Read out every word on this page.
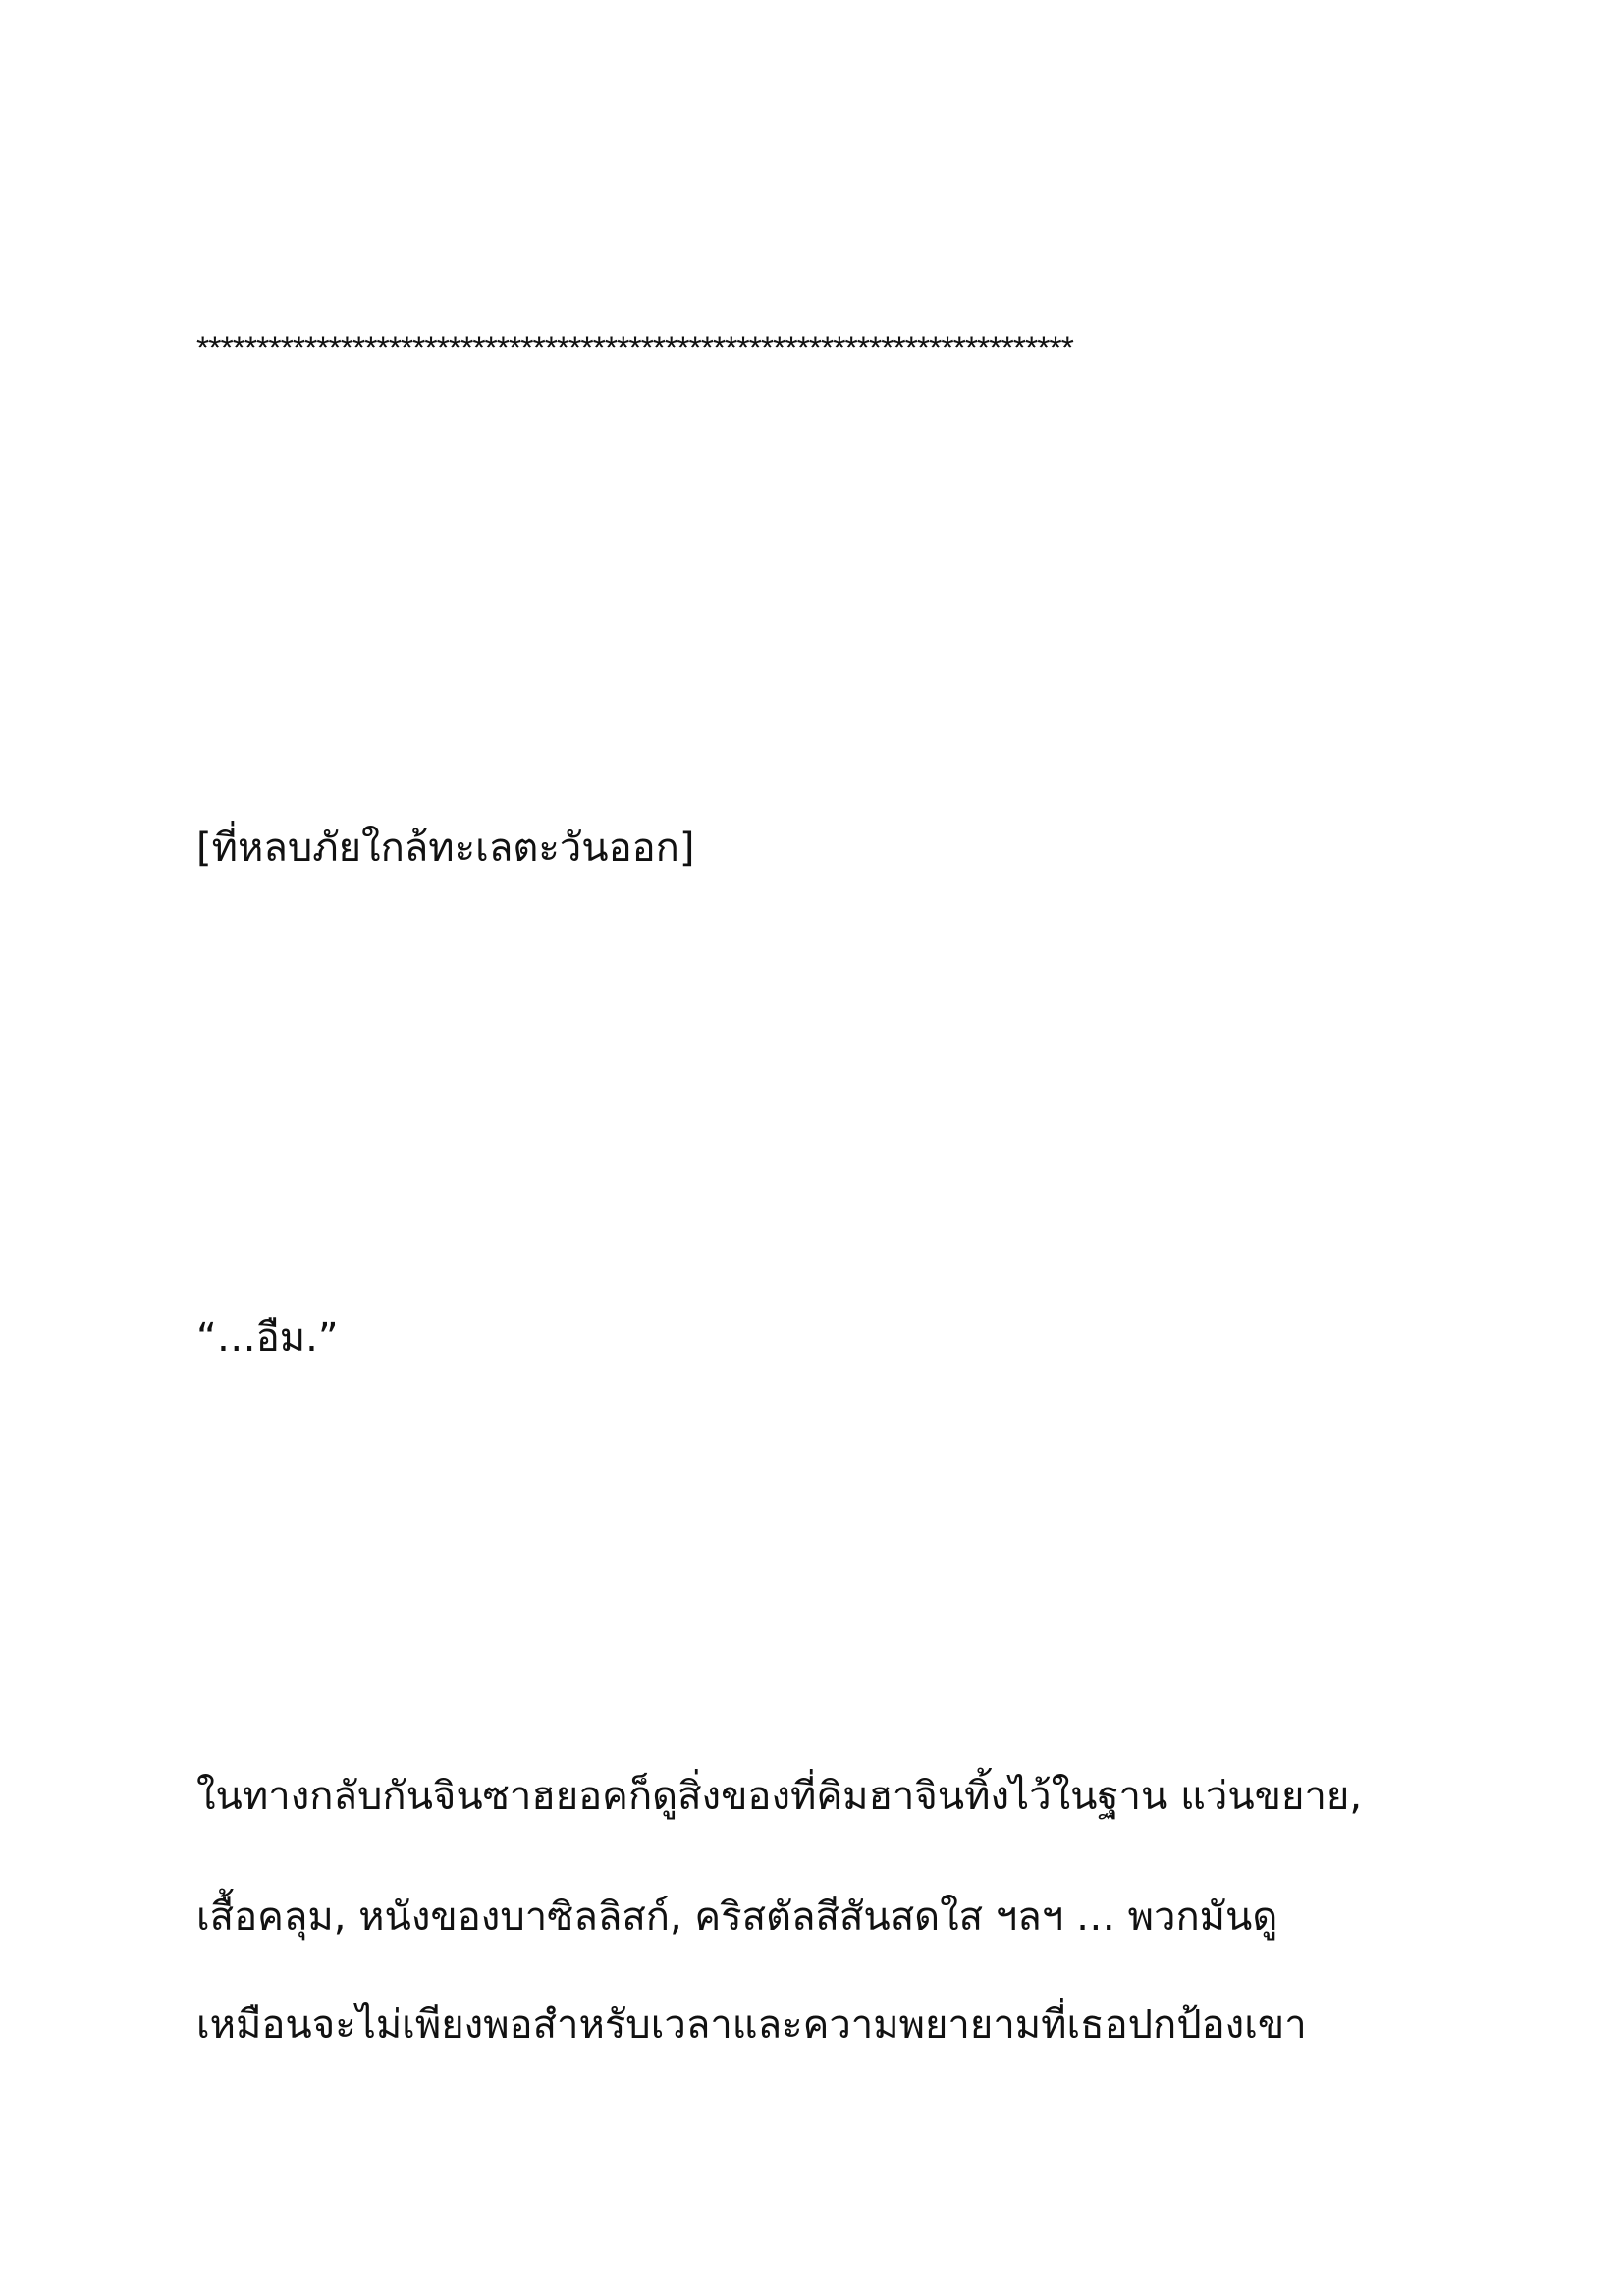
*************************************************************************
[ที่หลบภัยใกล้ทะเลตะวันออก]
“…อืม.”
ในทางกลับกันจินซาฮยอคก็ดูสิ่งของที่คิมฮาจินทิ้งไว้ในฐาน แว่นขยาย,
เสื้อคลุม, หนังของบาซิลลิสก์, คริสตัลสีสันสดใส ฯลฯ … พวกมันดู
เหมือนจะไม่เพียงพอสำหรับเวลาและความพยายามที่เธอปกป้องเขา
